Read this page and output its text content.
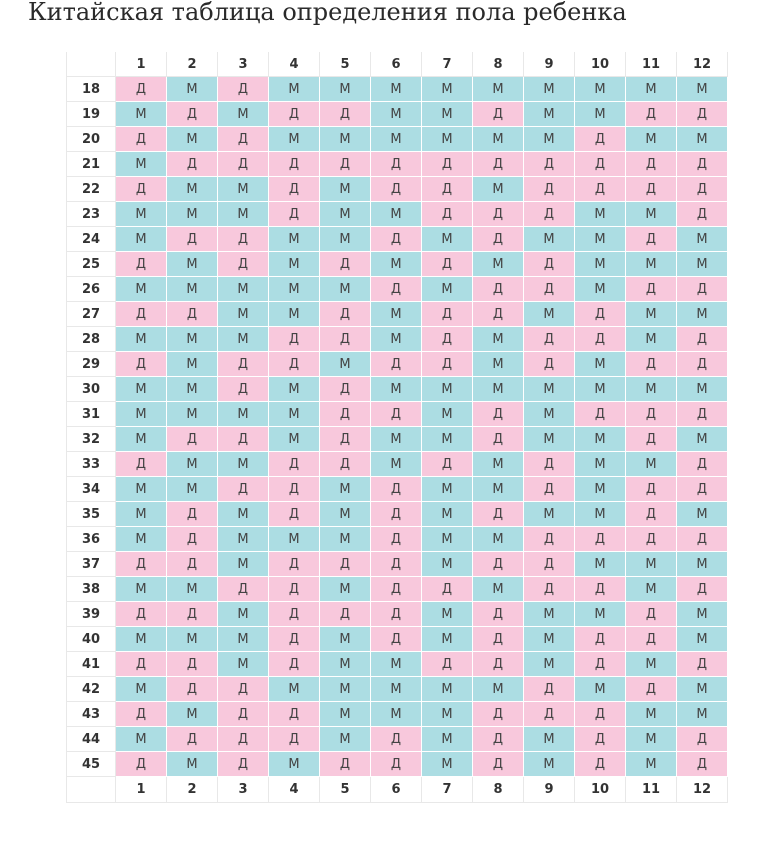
Китайская таблица определения пола ребенка
	1	2	3	4	5	6	7	8	9	10	11	12
18	Д	М	Д	М	М	М	М	М	М	М	М	М
19	М	Д	М	Д	Д	М	М	Д	М	М	Д	Д
20	Д	М	Д	М	М	М	М	М	М	Д	М	М
21	М	Д	Д	Д	Д	Д	Д	Д	Д	Д	Д	Д
22	Д	М	М	Д	М	Д	Д	М	Д	Д	Д	Д
23	М	М	М	Д	М	М	Д	Д	Д	М	М	Д
24	М	Д	Д	М	М	Д	М	Д	М	М	Д	М
25	Д	М	Д	М	Д	М	Д	М	Д	М	М	М
26	М	М	М	М	М	Д	М	Д	Д	М	Д	Д
27	Д	Д	М	М	Д	М	Д	Д	М	Д	М	М
28	М	М	М	Д	Д	М	Д	М	Д	Д	М	Д
29	Д	М	Д	Д	М	Д	Д	М	Д	М	Д	Д
30	М	М	Д	М	Д	М	М	М	М	М	М	М
31	М	М	М	М	Д	Д	М	Д	М	Д	Д	Д
32	М	Д	Д	М	Д	М	М	Д	М	М	Д	М
33	Д	М	М	Д	Д	М	Д	М	Д	М	М	Д
34	М	М	Д	Д	М	Д	М	М	Д	М	Д	Д
35	М	Д	М	Д	М	Д	М	Д	М	М	Д	М
36	М	Д	М	М	М	Д	М	М	Д	Д	Д	Д
37	Д	Д	М	Д	Д	Д	М	Д	Д	М	М	М
38	М	М	Д	Д	М	Д	Д	М	Д	Д	М	Д
39	Д	Д	М	Д	Д	Д	М	Д	М	М	Д	М
40	М	М	М	Д	М	Д	М	Д	М	Д	Д	М
41	Д	Д	М	Д	М	М	Д	Д	М	Д	М	Д
42	М	Д	Д	М	М	М	М	М	Д	М	Д	М
43	Д	М	Д	Д	М	М	М	Д	Д	Д	М	М
44	М	Д	Д	Д	М	Д	М	Д	М	Д	М	Д
45	Д	М	Д	М	Д	Д	М	Д	М	Д	М	Д
	1	2	3	4	5	6	7	8	9	10	11	12
